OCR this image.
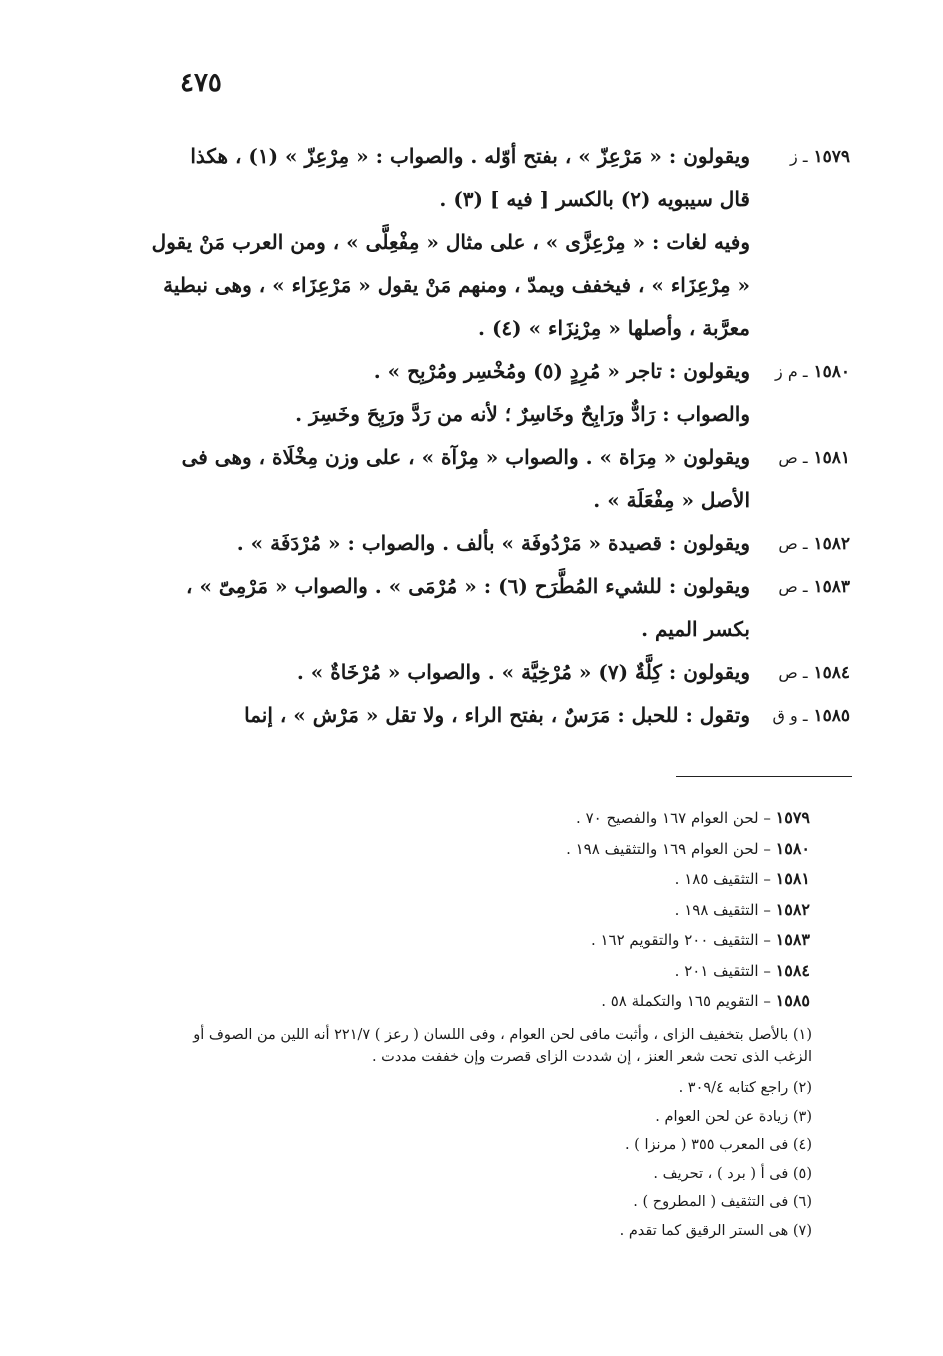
٤٧٥
١٥٧٩ ـ ز

ويقولون : « مَرْعِزّ » ، بفتح أوّله . والصواب : « مِرْعِزّ » (١) ، هكذا

قال سيبويه (٢) بالكسر [ فيه ] (٣) .

وفيه لغات : « مِرْعِزَّى » ، على مثال « مِفْعِلَّى » ، ومن العرب مَنْ يقول

« مِرْعِزَاء » ، فيخفف ويمدّ ، ومنهم مَنْ يقول « مَرْعِزَاء » ، وهى نبطية

معرَّبة ، وأصلها « مِرْنِزَاء » (٤) .

١٥٨٠ ـ م ز

ويقولون : تاجر « مُرِدٍ (٥) ومُخْسِر ومُرْبِح » .

والصواب : رَادٌّ ورَابِحٌ وخَاسِرٌ ؛ لأنه من رَدَّ ورَبِحَ وخَسِرَ .

١٥٨١ ـ ص

ويقولون « مِرَاة » . والصواب « مِرْآة » ، على وزن مِخْلَاة ، وهى فى

الأصل « مِفْعَلَة » .

١٥٨٢ ـ ص

ويقولون : قصيدة « مَرْدُوفَة » بألف . والصواب : « مُرْدَفَة » .

١٥٨٣ ـ ص

ويقولون : للشيء المُطَّرَح (٦) : « مُرْمَى » . والصواب « مَرْمِىّ » ،

بكسر الميم .

١٥٨٤ ـ ص

ويقولون : كِلَّةٌ (٧) « مُرْخِيَّة » . والصواب « مُرْخَاةٌ » .

١٥٨٥ ـ و ق

وتقول : للحبل : مَرَسٌ ، بفتح الراء ، ولا تقل « مَرْش » ، إنما

١٥٧٩ – لحن العوام ١٦٧ والفصيح ٧٠ .
١٥٨٠ – لحن العوام ١٦٩ والتثقيف ١٩٨ .
١٥٨١ – التثقيف ١٨٥ .
١٥٨٢ – التثقيف ١٩٨ .
١٥٨٣ – التثقيف ٢٠٠ والتقويم ١٦٢ .
١٥٨٤ – التثقيف ٢٠١ .
١٥٨٥ – التقويم ١٦٥ والتكملة ٥٨ .
(١) بالأصل بتخفيف الزاى ، وأثبت مافى لحن العوام ، وفى اللسان ( رعز ) ٢٢١/٧ أنه اللين من الصوف أو الزغب الذى تحت شعر العنز ، إن شددت الزاى قصرت وإن خففت مددت .
(٢) راجع كتابه ٣٠٩/٤ .
(٣) زيادة عن لحن العوام .
(٤) فى المعرب ٣٥٥ ( مرنزا ) .
(٥) فى أ ( برد ) ، تحريف .
(٦) فى التثقيف ( المطروح ) .
(٧) هى الستر الرقيق كما تقدم .
